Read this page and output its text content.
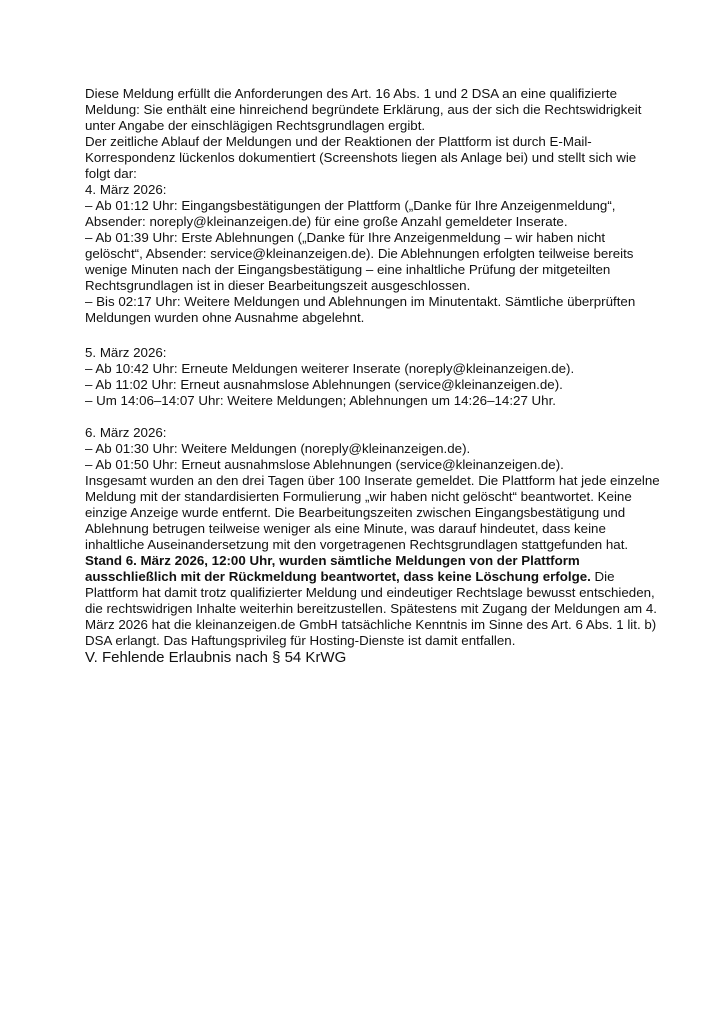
Diese Meldung erfüllt die Anforderungen des Art. 16 Abs. 1 und 2 DSA an eine qualifizierte Meldung: Sie enthält eine hinreichend begründete Erklärung, aus der sich die Rechtswidrigkeit unter Angabe der einschlägigen Rechtsgrundlagen ergibt.

Der zeitliche Ablauf der Meldungen und der Reaktionen der Plattform ist durch E-Mail-Korrespondenz lückenlos dokumentiert (Screenshots liegen als Anlage bei) und stellt sich wie folgt dar:

4. März 2026:

– Ab 01:12 Uhr: Eingangsbestätigungen der Plattform („Danke für Ihre Anzeigenmeldung“, Absender: noreply@kleinanzeigen.de) für eine große Anzahl gemeldeter Inserate.

– Ab 01:39 Uhr: Erste Ablehnungen („Danke für Ihre Anzeigenmeldung – wir haben nicht gelöscht“, Absender: service@kleinanzeigen.de). Die Ablehnungen erfolgten teilweise bereits wenige Minuten nach der Eingangsbestätigung – eine inhaltliche Prüfung der mitgeteilten Rechtsgrundlagen ist in dieser Bearbeitungszeit ausgeschlossen.

– Bis 02:17 Uhr: Weitere Meldungen und Ablehnungen im Minutentakt. Sämtliche überprüften Meldungen wurden ohne Ausnahme abgelehnt.

5. März 2026:

– Ab 10:42 Uhr: Erneute Meldungen weiterer Inserate (noreply@kleinanzeigen.de).

– Ab 11:02 Uhr: Erneut ausnahmslose Ablehnungen (service@kleinanzeigen.de).

– Um 14:06–14:07 Uhr: Weitere Meldungen; Ablehnungen um 14:26–14:27 Uhr.

6. März 2026:

– Ab 01:30 Uhr: Weitere Meldungen (noreply@kleinanzeigen.de).

– Ab 01:50 Uhr: Erneut ausnahmslose Ablehnungen (service@kleinanzeigen.de).

Insgesamt wurden an den drei Tagen über 100 Inserate gemeldet. Die Plattform hat jede einzelne Meldung mit der standardisierten Formulierung „wir haben nicht gelöscht“ beantwortet. Keine einzige Anzeige wurde entfernt. Die Bearbeitungszeiten zwischen Eingangsbestätigung und Ablehnung betrugen teilweise weniger als eine Minute, was darauf hindeutet, dass keine inhaltliche Auseinandersetzung mit den vorgetragenen Rechtsgrundlagen stattgefunden hat.

Stand 6. März 2026, 12:00 Uhr, wurden sämtliche Meldungen von der Plattform ausschließlich mit der Rückmeldung beantwortet, dass keine Löschung erfolge. Die Plattform hat damit trotz qualifizierter Meldung und eindeutiger Rechtslage bewusst entschieden, die rechtswidrigen Inhalte weiterhin bereitzustellen. Spätestens mit Zugang der Meldungen am 4. März 2026 hat die kleinanzeigen.de GmbH tatsächliche Kenntnis im Sinne des Art. 6 Abs. 1 lit. b) DSA erlangt. Das Haftungsprivileg für Hosting-Dienste ist damit entfallen.

V. Fehlende Erlaubnis nach § 54 KrWG
